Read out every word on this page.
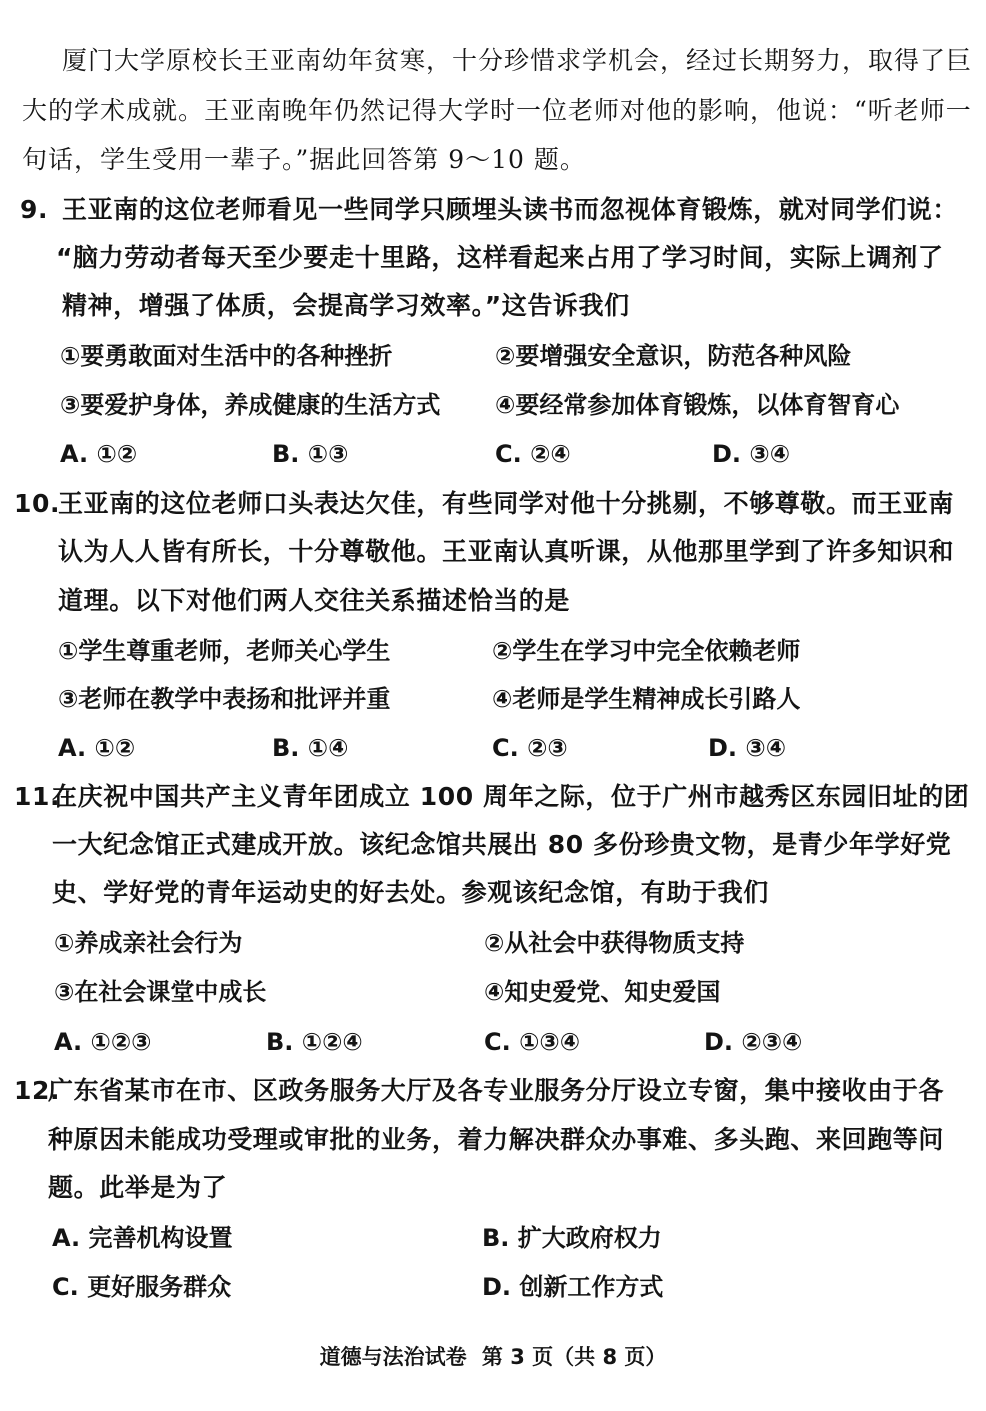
厦门大学原校长王亚南幼年贫寒，十分珍惜求学机会，经过长期努力，取得了巨
大的学术成就。王亚南晚年仍然记得大学时一位老师对他的影响，他说：“听老师一
句话，学生受用一辈子。”据此回答第 9～10 题。
9. 王亚南的这位老师看见一些同学只顾埋头读书而忽视体育锻炼，就对同学们说：
“脑力劳动者每天至少要走十里路，这样看起来占用了学习时间，实际上调剂了
精神，增强了体质，会提高学习效率。”这告诉我们
①要勇敢面对生活中的各种挫折	②要增强安全意识，防范各种风险
③要爱护身体，养成健康的生活方式 ④要经常参加体育锻炼，以体育智育心
A. ①②	B. ①③	C. ②④	D. ③④
10.
王亚南的这位老师口头表达欠佳，有些同学对他十分挑剔，不够尊敬。而王亚南
认为人人皆有所长，十分尊敬他。王亚南认真听课，从他那里学到了许多知识和
道理。以下对他们两人交往关系描述恰当的是
①学生尊重老师，老师关心学生	②学生在学习中完全依赖老师
③老师在教学中表扬和批评并重	④老师是学生精神成长引路人
A. ①②	B. ①④	C. ②③	D. ③④
11.
在庆祝中国共产主义青年团成立 100 周年之际，位于广州市越秀区东园旧址的团
一大纪念馆正式建成开放。该纪念馆共展出 80 多份珍贵文物，是青少年学好党
史、学好党的青年运动史的好去处。参观该纪念馆，有助于我们
①养成亲社会行为	②从社会中获得物质支持
③在社会课堂中成长	④知史爱党、知史爱国
A. ①②③	B. ①②④	C. ①③④	D. ②③④
12.
广东省某市在市、区政务服务大厅及各专业服务分厅设立专窗，集中接收由于各
种原因未能成功受理或审批的业务，着力解决群众办事难、多头跑、来回跑等问
题。此举是为了
A. 完善机构设置	B. 扩大政府权力
C. 更好服务群众	D. 创新工作方式
道德与法治试卷 第 3 页（共 8 页）
